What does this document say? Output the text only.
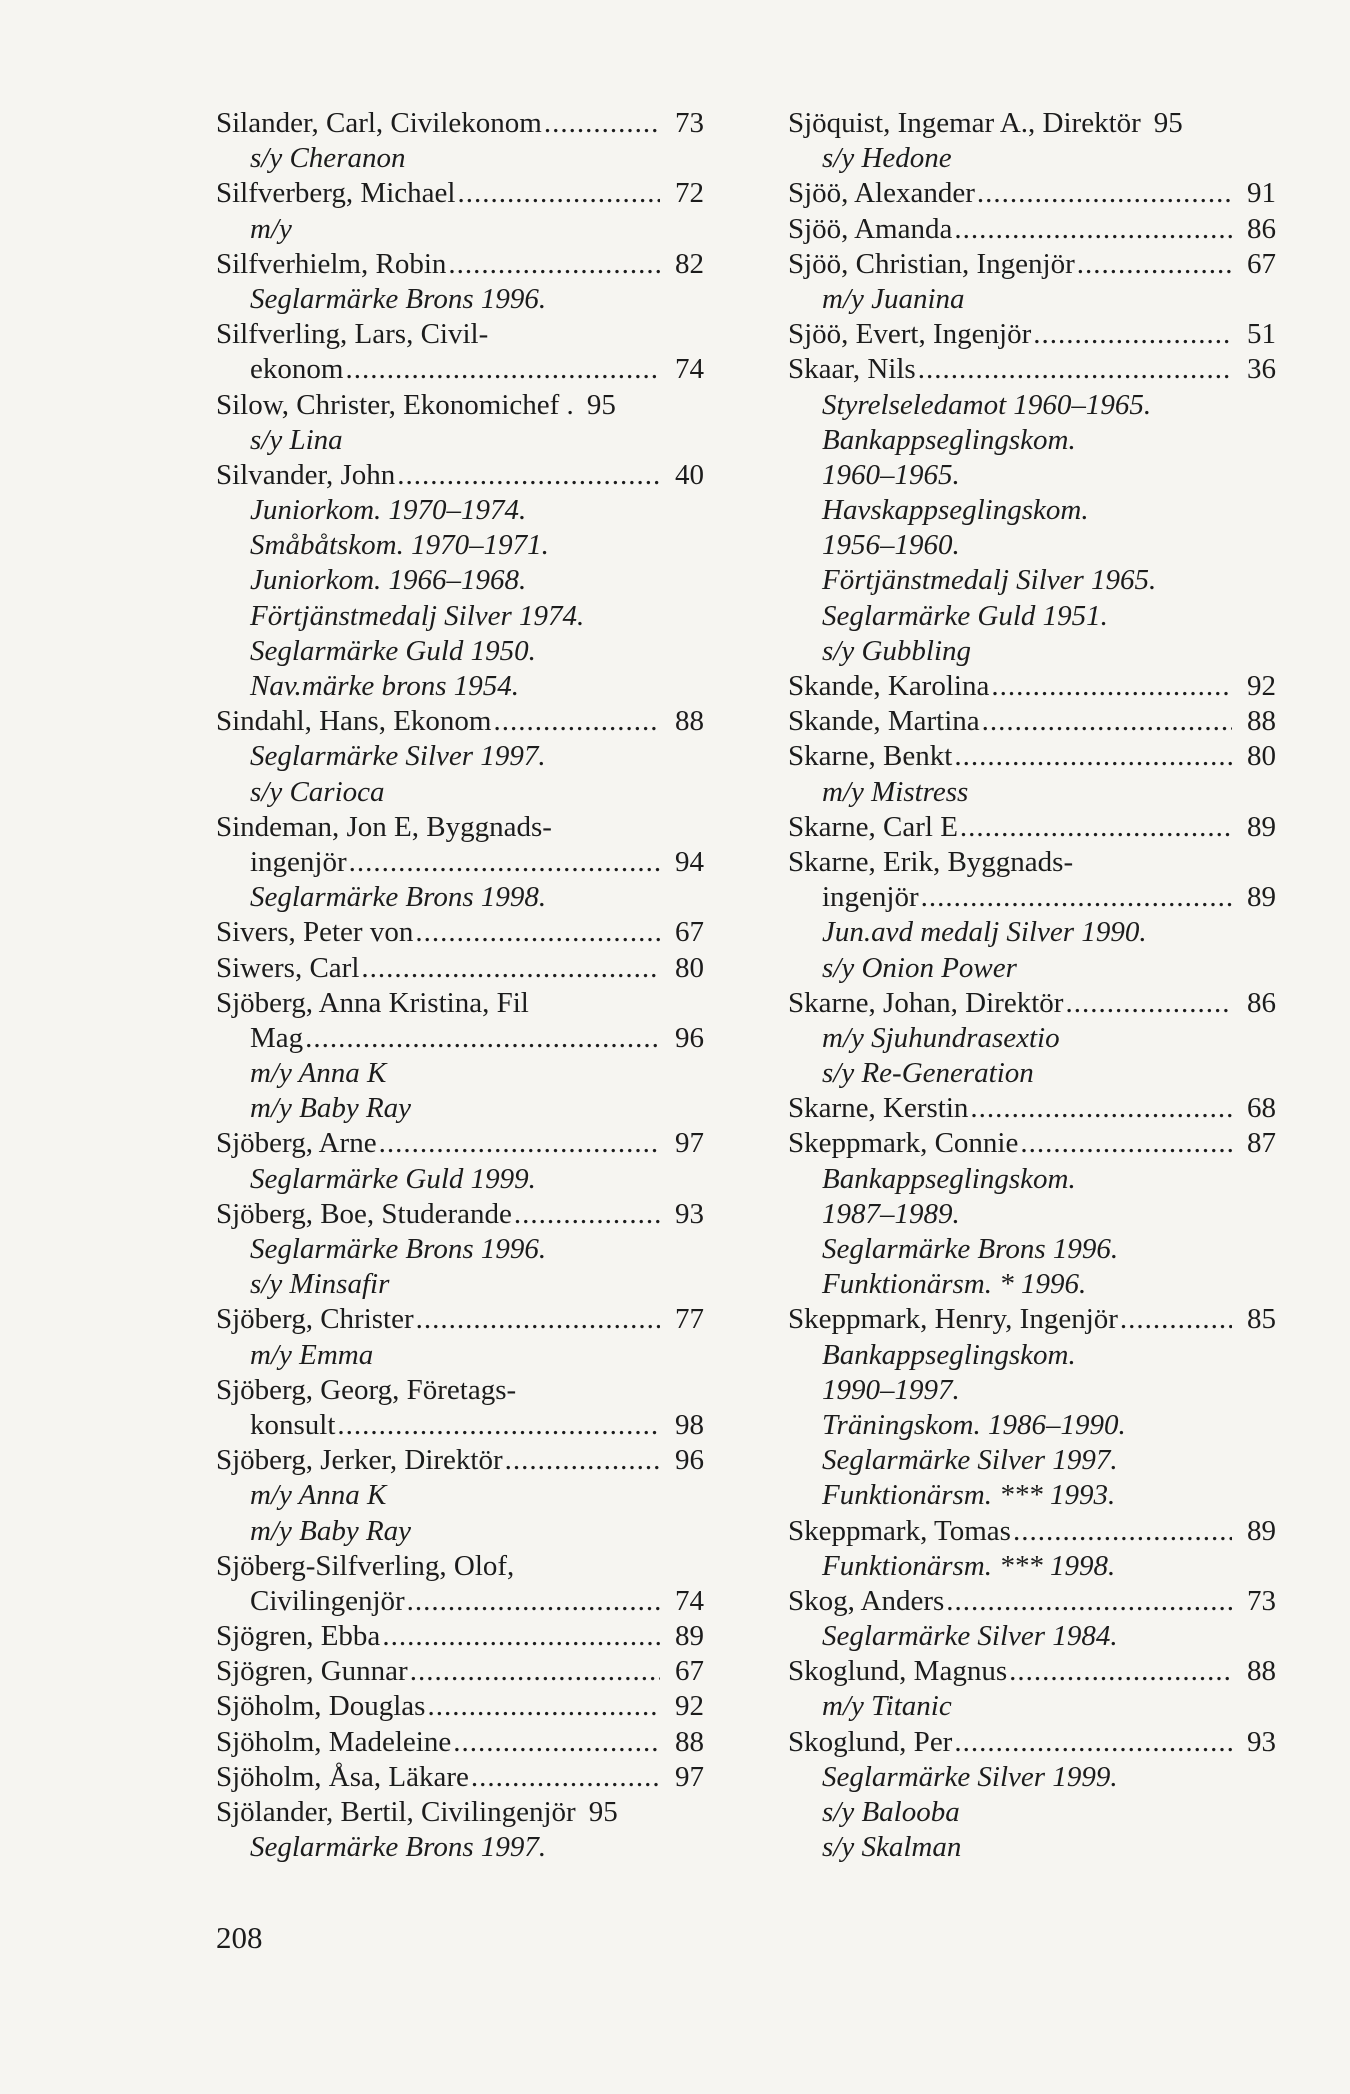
Silander, Carl, Civilekonom .....	73
s/y Cheranon
Silfverberg, Michael .....	72
m/y
Silfverhielm, Robin .....	82
Seglarmärke Brons 1996.
Silfverling, Lars, Civil-
ekonom .....	74
Silow, Christer, Ekonomichef . 95
s/y Lina
Silvander, John .....	40
Juniorkom. 1970–1974.
Småbåtskom. 1970–1971.
Juniorkom. 1966–1968.
Förtjänstmedalj Silver 1974.
Seglarmärke Guld 1950.
Nav.märke brons 1954.
Sindahl, Hans, Ekonom .....	88
Seglarmärke Silver 1997.
s/y Carioca
Sindeman, Jon E, Byggnads-
ingenjör .....	94
Seglarmärke Brons 1998.
Sivers, Peter von .....	67
Siwers, Carl .....	80
Sjöberg, Anna Kristina, Fil
Mag .....	96
m/y Anna K
m/y Baby Ray
Sjöberg, Arne .....	97
Seglarmärke Guld 1999.
Sjöberg, Boe, Studerande .....	93
Seglarmärke Brons 1996.
s/y Minsafir
Sjöberg, Christer .....	77
m/y Emma
Sjöberg, Georg, Företags-
konsult .....	98
Sjöberg, Jerker, Direktör .....	96
m/y Anna K
m/y Baby Ray
Sjöberg-Silfverling, Olof,
Civilingenjör .....	74
Sjögren, Ebba .....	89
Sjögren, Gunnar .....	67
Sjöholm, Douglas .....	92
Sjöholm, Madeleine .....	88
Sjöholm, Åsa, Läkare .....	97
Sjölander, Bertil, Civilingenjör 95
Seglarmärke Brons 1997.
Sjöquist, Ingemar A., Direktör 95
s/y Hedone
Sjöö, Alexander .....	91
Sjöö, Amanda .....	86
Sjöö, Christian, Ingenjör .....	67
m/y Juanina
Sjöö, Evert, Ingenjör .....	51
Skaar, Nils .....	36
Styrelseledamot 1960–1965.
Bankappseglingskom.
1960–1965.
Havskappseglingskom.
1956–1960.
Förtjänstmedalj Silver 1965.
Seglarmärke Guld 1951.
s/y Gubbling
Skande, Karolina .....	92
Skande, Martina .....	88
Skarne, Benkt .....	80
m/y Mistress
Skarne, Carl E .....	89
Skarne, Erik, Byggnads-
ingenjör .....	89
Jun.avd medalj Silver 1990.
s/y Onion Power
Skarne, Johan, Direktör .....	86
m/y Sjuhundrasextio
s/y Re-Generation
Skarne, Kerstin .....	68
Skeppmark, Connie .....	87
Bankappseglingskom.
1987–1989.
Seglarmärke Brons 1996.
Funktionärsm. * 1996.
Skeppmark, Henry, Ingenjör .....	85
Bankappseglingskom.
1990–1997.
Träningskom. 1986–1990.
Seglarmärke Silver 1997.
Funktionärsm. *** 1993.
Skeppmark, Tomas .....	89
Funktionärsm. *** 1998.
Skog, Anders .....	73
Seglarmärke Silver 1984.
Skoglund, Magnus .....	88
m/y Titanic
Skoglund, Per .....	93
Seglarmärke Silver 1999.
s/y Balooba
s/y Skalman
208
